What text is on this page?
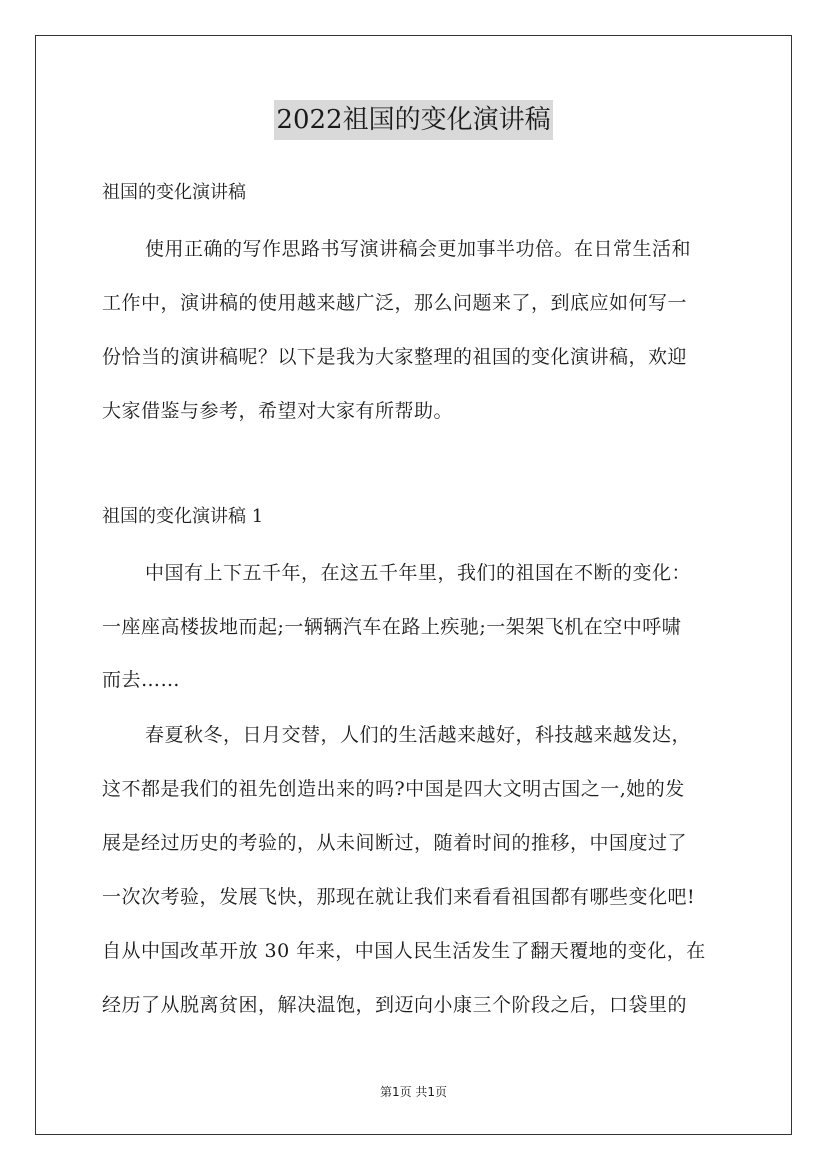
2022祖国的变化演讲稿
祖国的变化演讲稿
使用正确的写作思路书写演讲稿会更加事半功倍。在日常生活和
工作中，演讲稿的使用越来越广泛，那么问题来了，到底应如何写一
份恰当的演讲稿呢？以下是我为大家整理的祖国的变化演讲稿，欢迎
大家借鉴与参考，希望对大家有所帮助。
祖国的变化演讲稿 1
中国有上下五千年，在这五千年里，我们的祖国在不断的变化：
一座座高楼拔地而起;一辆辆汽车在路上疾驰;一架架飞机在空中呼啸
而去……
春夏秋冬，日月交替，人们的生活越来越好，科技越来越发达，
这不都是我们的祖先创造出来的吗?中国是四大文明古国之一,她的发
展是经过历史的考验的，从未间断过，随着时间的推移，中国度过了
一次次考验，发展飞快，那现在就让我们来看看祖国都有哪些变化吧!
自从中国改革开放 30 年来，中国人民生活发生了翻天覆地的变化，在
经历了从脱离贫困，解决温饱，到迈向小康三个阶段之后，口袋里的
第1页 共1页
